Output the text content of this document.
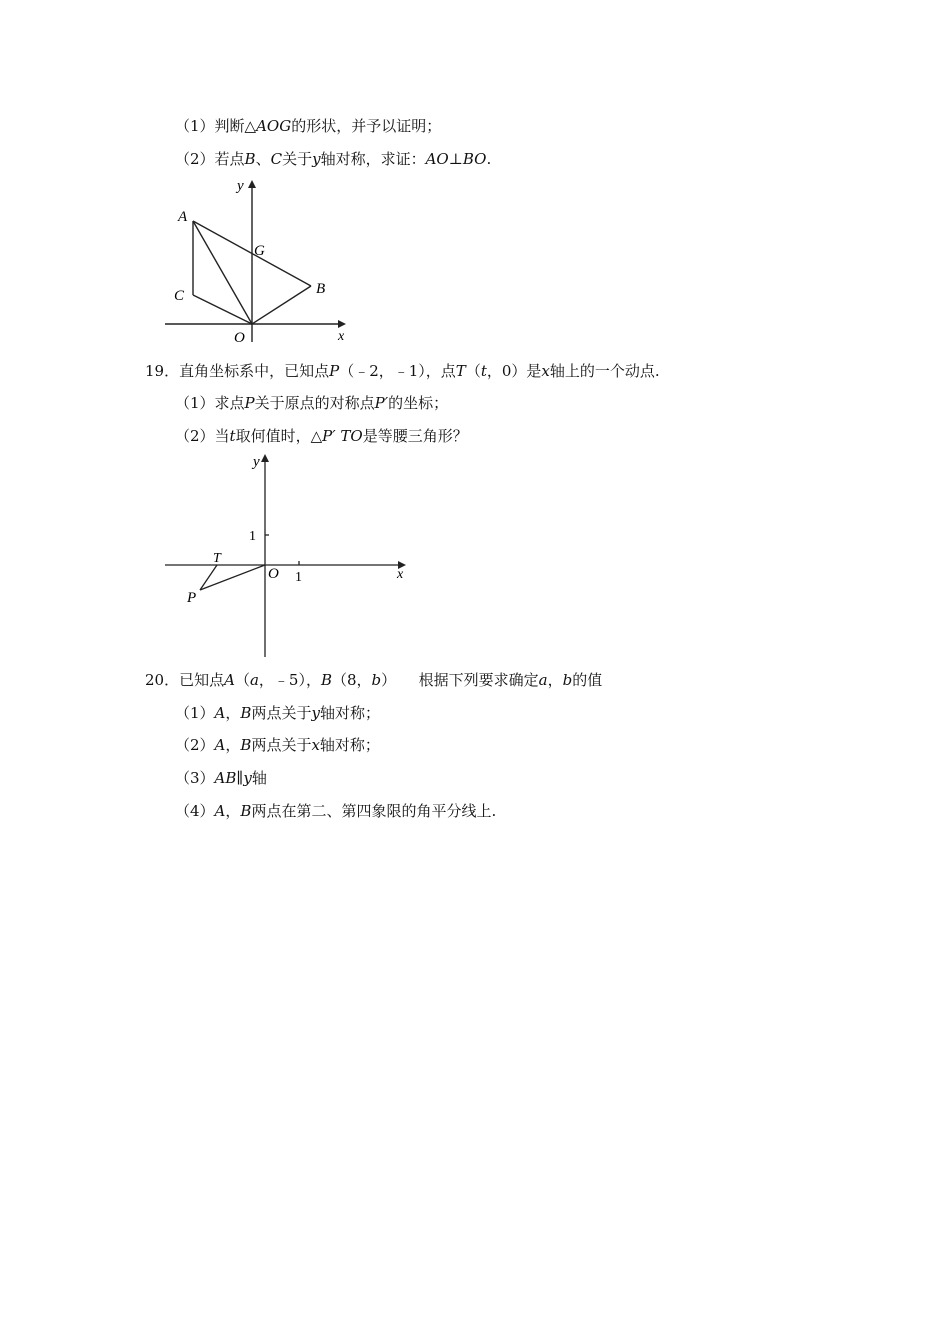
（1）判断△AOG的形状，并予以证明；
（2）若点B、C关于y轴对称，求证：AO⊥BO.
y
x
A
G
C	B
O
19．直角坐标系中，已知点P（﹣2，﹣1），点T（t，0）是x轴上的一个动点.
（1）求点P关于原点的对称点P′的坐标；
（2）当t取何值时，△P′ TO是等腰三角形？
y
x
1
1
O
T
P
20．已知点A（a，﹣5），B（8，b）　　根据下列要求确定a，b的值
（1）A，B两点关于y轴对称；
（2）A，B两点关于x轴对称；
（3）AB∥y轴
（4）A，B两点在第二、第四象限的角平分线上.
